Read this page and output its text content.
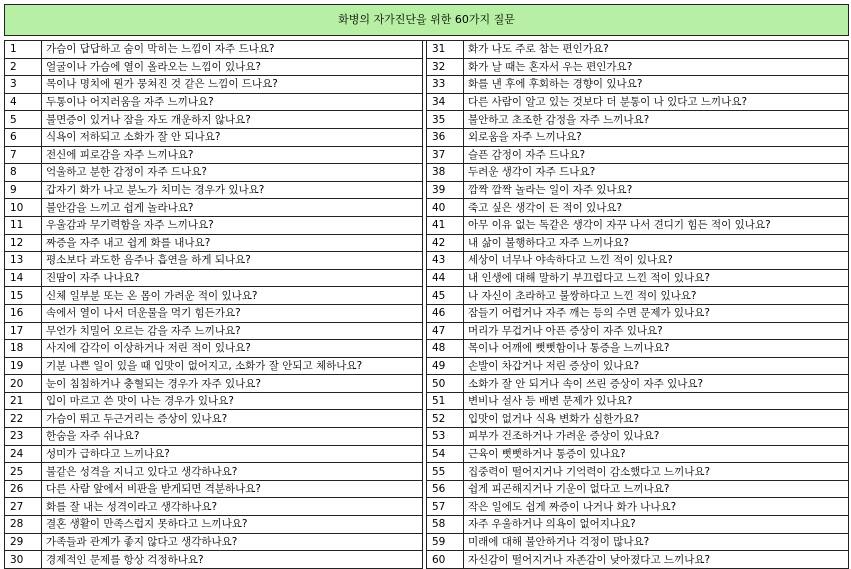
화병의 자가진단을 위한 60가지 질문				

1	가슴이 답답하고 숨이 막히는 느낌이 자주 드나요?		31	화가 나도 주로 참는 편인가요?
2	얼굴이나 가슴에 열이 올라오는 느낌이 있나요?		32	화가 날 때는 혼자서 우는 편인가요?
3	목이나 명치에 뭔가 뭉쳐진 것 같은 느낌이 드나요?		33	화를 낸 후에 후회하는 경향이 있나요?
4	두통이나 어지러움을 자주 느끼나요?		34	다른 사람이 알고 있는 것보다 더 분통이 나 있다고 느끼나요?
5	불면증이 있거나 잠을 자도 개운하지 않나요?		35	불안하고 초조한 감정을 자주 느끼나요?
6	식욕이 저하되고 소화가 잘 안 되나요?		36	외로움을 자주 느끼나요?
7	전신에 피로감을 자주 느끼나요?		37	슬픈 감정이 자주 드나요?
8	억울하고 분한 감정이 자주 드나요?		38	두려운 생각이 자주 드나요?
9	갑자기 화가 나고 분노가 치미는 경우가 있나요?		39	깜짝 깜짝 놀라는 일이 자주 있나요?
10	불안감을 느끼고 쉽게 놀라나요?		40	죽고 싶은 생각이 든 적이 있나요?
11	우울감과 무기력함을 자주 느끼나요?		41	아무 이유 없는 독같은 생각이 자꾸 나서 견디기 힘든 적이 있나요?
12	짜증을 자주 내고 쉽게 화를 내나요?		42	내 삶이 불행하다고 자주 느끼나요?
13	평소보다 과도한 음주나 흡연을 하게 되나요?		43	세상이 너무나 야속하다고 느낀 적이 있나요?
14	진땀이 자주 나나요?		44	내 인생에 대해 말하기 부끄럽다고 느낀 적이 있나요?
15	신체 일부분 또는 온 몸이 가려운 적이 있나요?		45	나 자신이 초라하고 불쌍하다고 느낀 적이 있나요?
16	속에서 열이 나서 더운물을 먹기 힘든가요?		46	잠들기 어렵거나 자주 깨는 등의 수면 문제가 있나요?
17	무언가 치밀어 오르는 감을 자주 느끼나요?		47	머리가 무겁거나 아픈 증상이 자주 있나요?
18	사지에 감각이 이상하거나 저린 적이 있나요?		48	목이나 어깨에 뻣뻣함이나 통증을 느끼나요?
19	기분 나쁜 일이 있을 때 입맛이 없어지고, 소화가 잘 안되고 체하나요?		49	손발이 차갑거나 저린 증상이 있나요?
20	눈이 침침하거나 충혈되는 경우가 자주 있나요?		50	소화가 잘 안 되거나 속이 쓰린 증상이 자주 있나요?
21	입이 마르고 쓴 맛이 나는 경우가 있나요?		51	변비나 설사 등 배변 문제가 있나요?
22	가슴이 뛰고 두근거리는 증상이 있나요?		52	입맛이 없거나 식욕 변화가 심한가요?
23	한숨을 자주 쉬나요?		53	피부가 건조하거나 가려운 증상이 있나요?
24	성미가 급하다고 느끼나요?		54	근육이 뻣뻣하거나 통증이 있나요?
25	불같은 성격을 지니고 있다고 생각하나요?		55	집중력이 떨어지거나 기억력이 감소했다고 느끼나요?
26	다른 사람 앞에서 비판을 받게되면 격분하나요?		56	쉽게 피곤해지거나 기운이 없다고 느끼나요?
27	화를 잘 내는 성격이라고 생각하나요?		57	작은 일에도 쉽게 짜증이 나거나 화가 나나요?
28	결혼 생활이 만족스럽지 못하다고 느끼나요?		58	자주 우울하거나 의욕이 없어지나요?
29	가족들과 관계가 좋지 않다고 생각하나요?		59	미래에 대해 불안하거나 걱정이 많나요?
30	경제적인 문제를 항상 걱정하나요?		60	자신감이 떨어지거나 자존감이 낮아졌다고 느끼나요?
